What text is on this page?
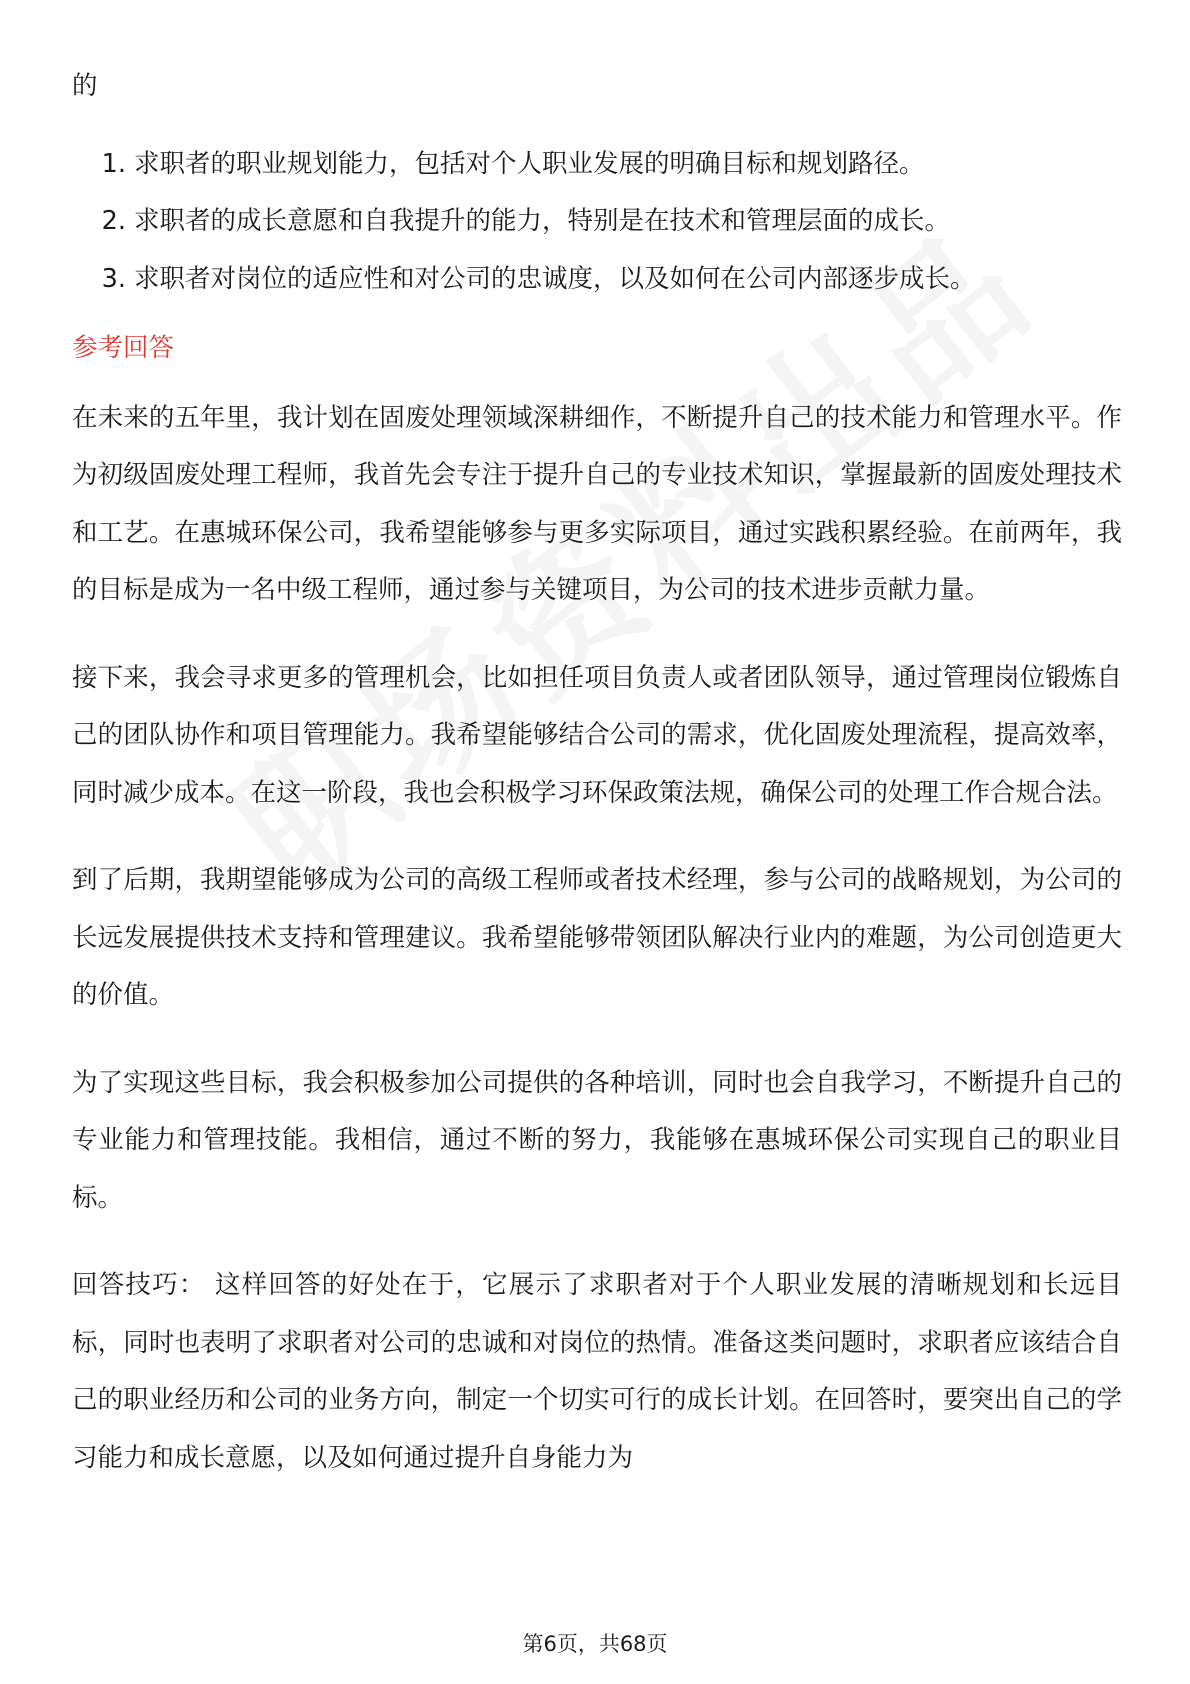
的
1. 求职者的职业规划能力，包括对个人职业发展的明确目标和规划路径。
2. 求职者的成长意愿和自我提升的能力，特别是在技术和管理层面的成长。
3. 求职者对岗位的适应性和对公司的忠诚度，以及如何在公司内部逐步成长。
参考回答

在未来的五年里，我计划在固废处理领域深耕细作，不断提升自己的技术能力和管理水平。作为初级固废处理工程师，我首先会专注于提升自己的专业技术知识，掌握最新的固废处理技术和工艺。在惠城环保公司，我希望能够参与更多实际项目，通过实践积累经验。在前两年，我的目标是成为一名中级工程师，通过参与关键项目，为公司的技术进步贡献力量。

接下来，我会寻求更多的管理机会，比如担任项目负责人或者团队领导，通过管理岗位锻炼自己的团队协作和项目管理能力。我希望能够结合公司的需求，优化固废处理流程，提高效率，同时减少成本。在这一阶段，我也会积极学习环保政策法规，确保公司的处理工作合规合法。

到了后期，我期望能够成为公司的高级工程师或者技术经理，参与公司的战略规划，为公司的长远发展提供技术支持和管理建议。我希望能够带领团队解决行业内的难题，为公司创造更大的价值。

为了实现这些目标，我会积极参加公司提供的各种培训，同时也会自我学习，不断提升自己的专业能力和管理技能。我相信，通过不断的努力，我能够在惠城环保公司实现自己的职业目标。

回答技巧： 这样回答的好处在于，它展示了求职者对于个人职业发展的清晰规划和长远目标，同时也表明了求职者对公司的忠诚和对岗位的热情。准备这类问题时，求职者应该结合自己的职业经历和公司的业务方向，制定一个切实可行的成长计划。在回答时，要突出自己的学习能力和成长意愿，以及如何通过提升自身能力为

第6页，共68页
